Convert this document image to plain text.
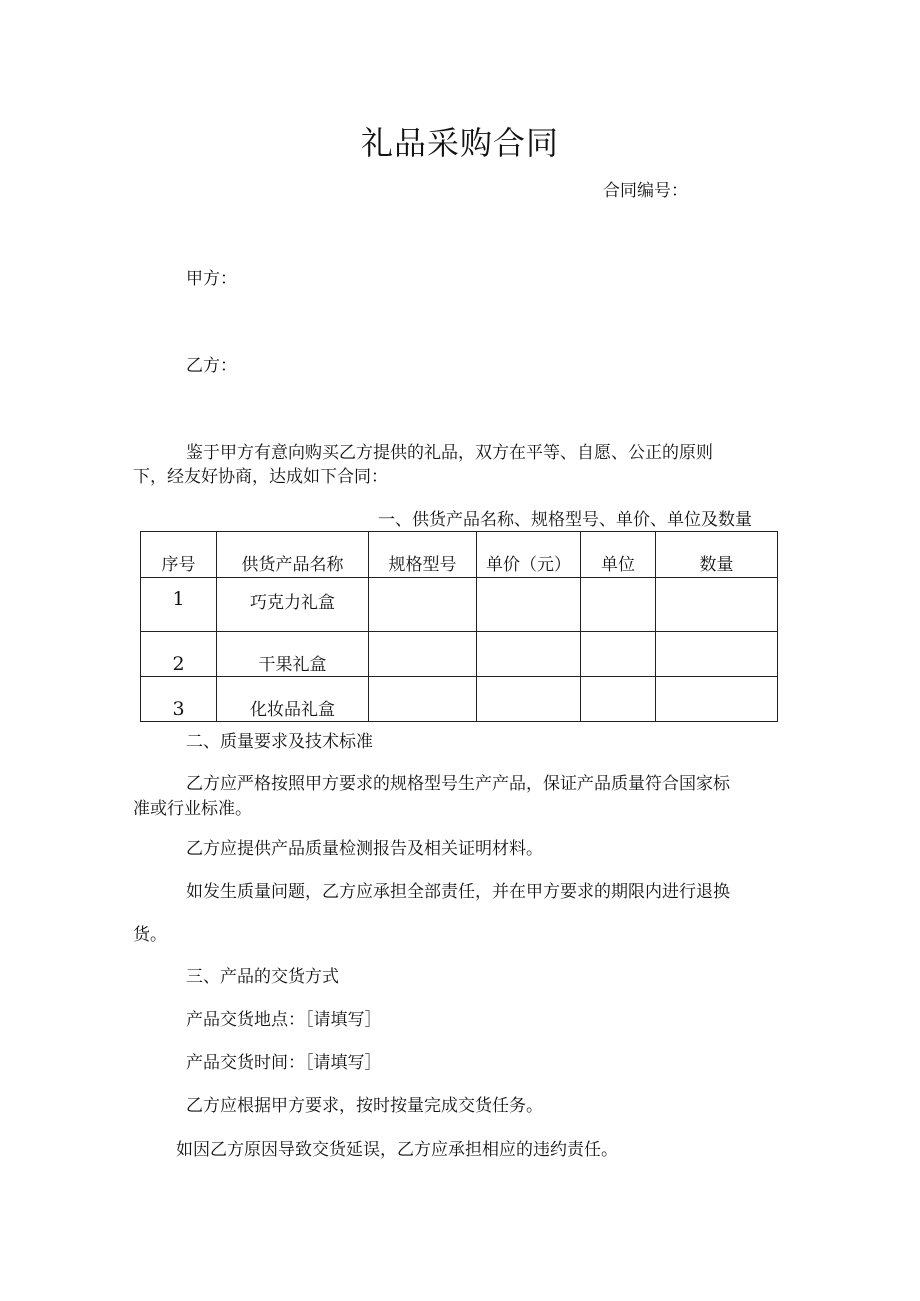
礼品采购合同
合同编号：
甲方：
乙方：
鉴于甲方有意向购买乙方提供的礼品，双方在平等、自愿、公正的原则
下，经友好协商，达成如下合同：
一、供货产品名称、规格型号、单价、单位及数量
序号	供货产品名称	规格型号	单价（元）	单位	数量
1	巧克力礼盒				
2	干果礼盒				
3	化妆品礼盒				
二、质量要求及技术标准
乙方应严格按照甲方要求的规格型号生产产品，保证产品质量符合国家标
准或行业标准。
乙方应提供产品质量检测报告及相关证明材料。
如发生质量问题，乙方应承担全部责任，并在甲方要求的期限内进行退换
货。
三、产品的交货方式
产品交货地点：［请填写］
产品交货时间：［请填写］
乙方应根据甲方要求，按时按量完成交货任务。
如因乙方原因导致交货延误，乙方应承担相应的违约责任。
